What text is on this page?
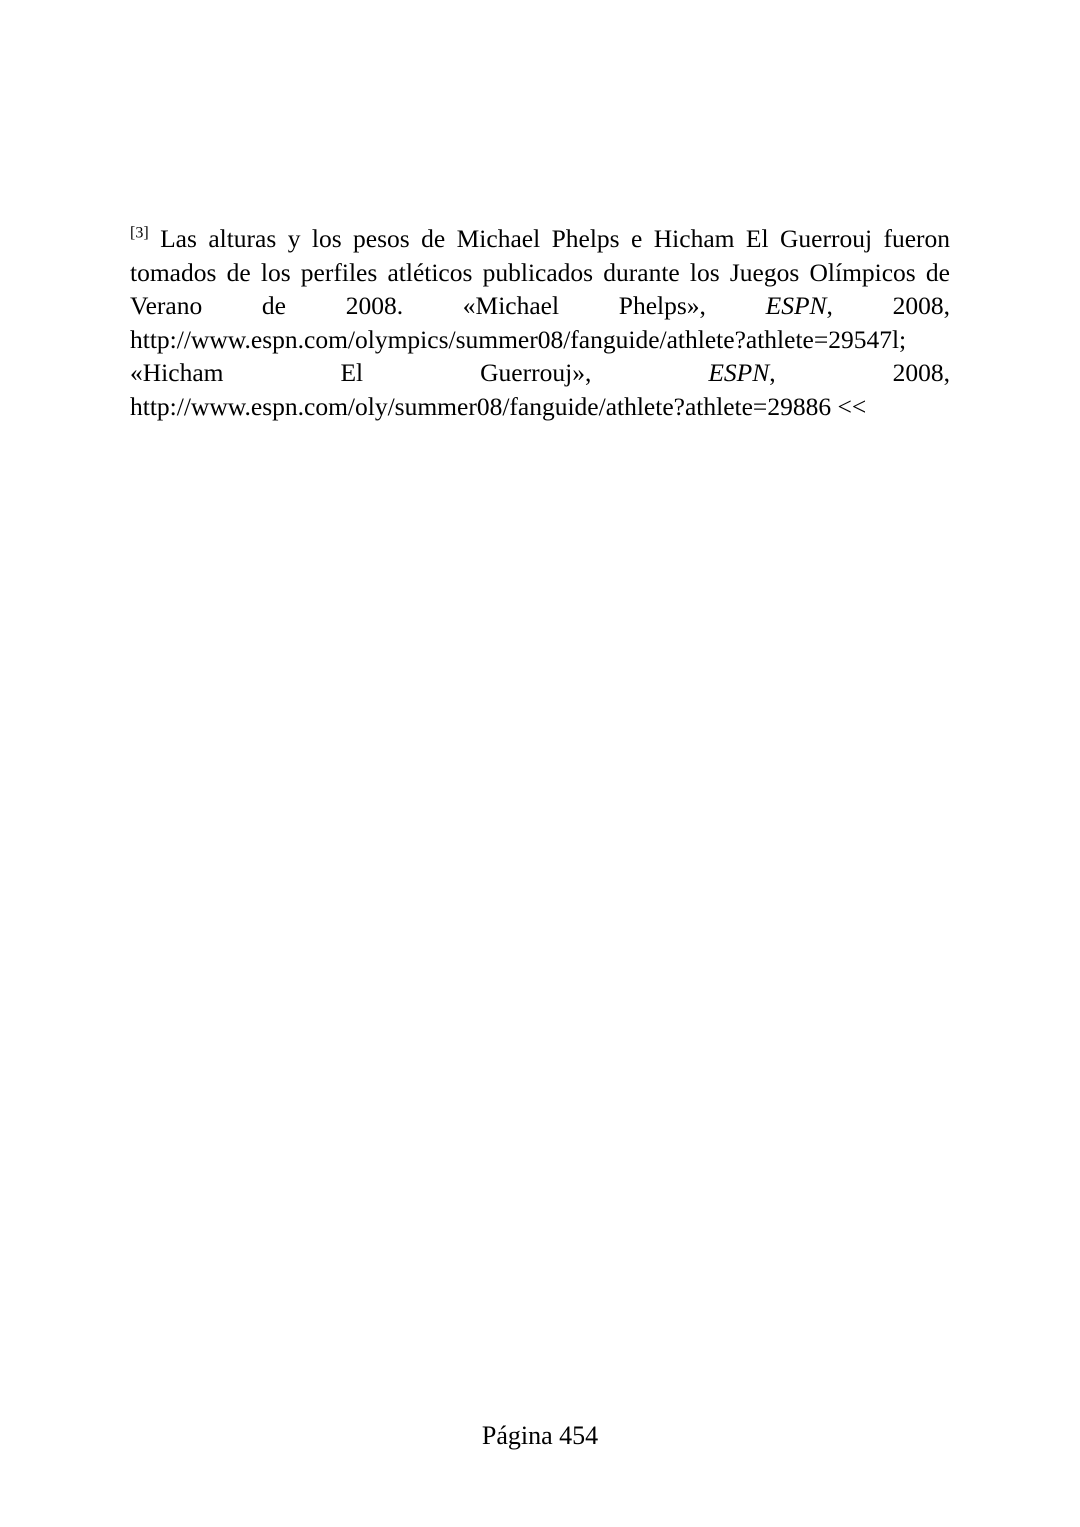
[3] Las alturas y los pesos de Michael Phelps e Hicham El Guerrouj fueron tomados de los perfiles atléticos publicados durante los Juegos Olímpicos de Verano de 2008. «Michael Phelps», ESPN, 2008, http://www.espn.com/olympics/summer08/fanguide/athlete?athlete=29547l; «Hicham El Guerrouj»,	ESPN, 2008, http://www.espn.com/oly/summer08/fanguide/athlete?athlete=29886 <<

Página 454
